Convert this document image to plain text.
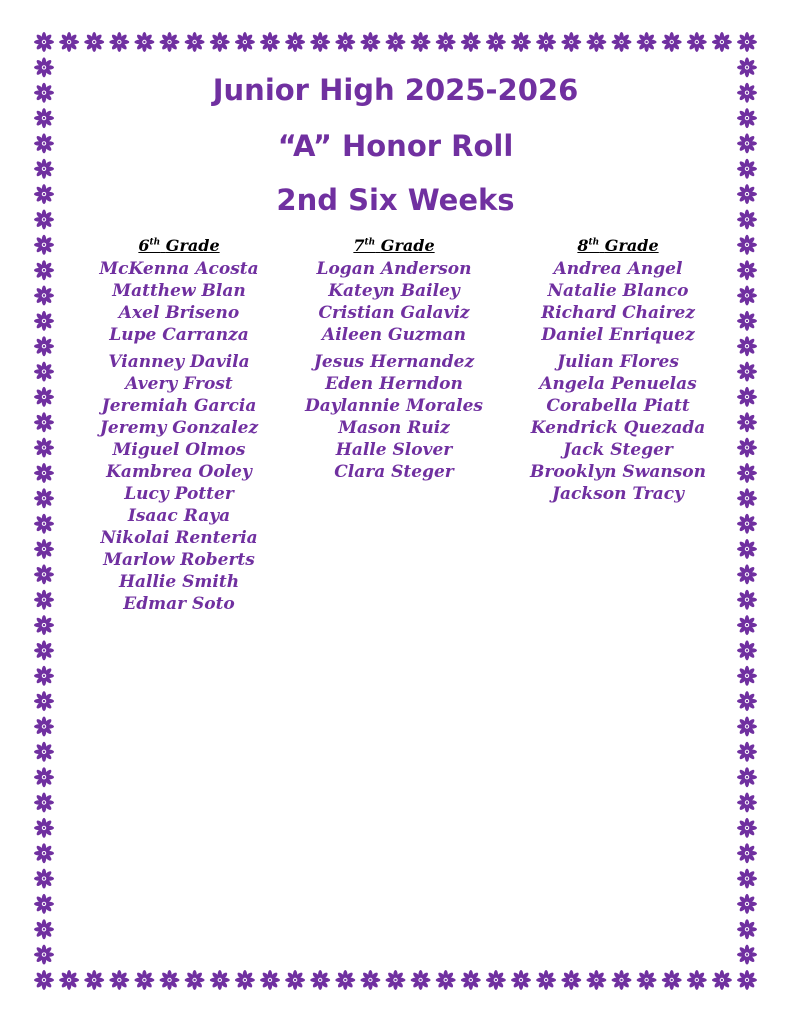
Junior High 2025-2026
“A” Honor Roll
2nd Six Weeks
6th Grade
McKenna Acosta
Matthew Blan
Axel Briseno
Lupe Carranza
Vianney Davila
Avery Frost
Jeremiah Garcia
Jeremy Gonzalez
Miguel Olmos
Kambrea Ooley
Lucy Potter
Isaac Raya
Nikolai Renteria
Marlow Roberts
Hallie Smith
Edmar Soto
7th Grade
Logan Anderson
Kateyn Bailey
Cristian Galaviz
Aileen Guzman
Jesus Hernandez
Eden Herndon
Daylannie Morales
Mason Ruiz
Halle Slover
Clara Steger
8th Grade
Andrea Angel
Natalie Blanco
Richard Chairez
Daniel Enriquez
Julian Flores
Angela Penuelas
Corabella Piatt
Kendrick Quezada
Jack Steger
Brooklyn Swanson
Jackson Tracy
